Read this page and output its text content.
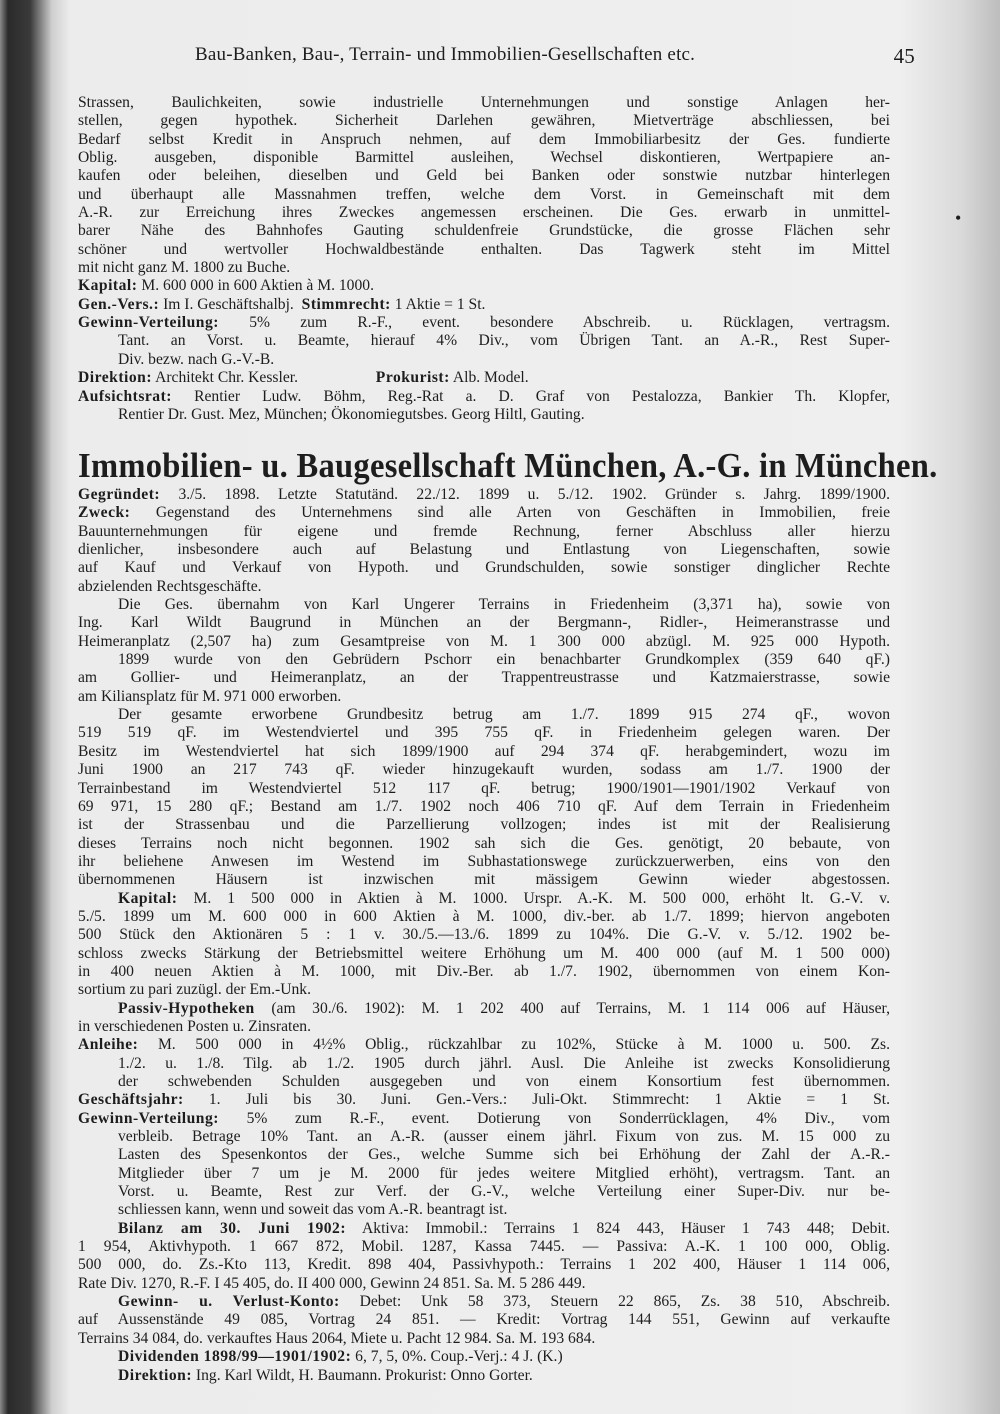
Bau-Banken, Bau-, Terrain- und Immobilien-Gesellschaften etc.	45
Strassen, Baulichkeiten, sowie industrielle Unternehmungen und sonstige Anlagen her-
stellen, gegen hypothek. Sicherheit Darlehen gewähren, Mietverträge abschliessen, bei
Bedarf selbst Kredit in Anspruch nehmen, auf dem Immobiliarbesitz der Ges. fundierte
Oblig. ausgeben, disponible Barmittel ausleihen, Wechsel diskontieren, Wertpapiere an-
kaufen oder beleihen, dieselben und Geld bei Banken oder sonstwie nutzbar hinterlegen
und überhaupt alle Massnahmen treffen, welche dem Vorst. in Gemeinschaft mit dem
A.-R. zur Erreichung ihres Zweckes angemessen erscheinen. Die Ges. erwarb in unmittel-
barer Nähe des Bahnhofes Gauting schuldenfreie Grundstücke, die grosse Flächen sehr
schöner und wertvoller Hochwaldbestände enthalten. Das Tagwerk steht im Mittel
mit nicht ganz M. 1800 zu Buche.
Kapital: M. 600 000 in 600 Aktien à M. 1000.
Gen.-Vers.: Im I. Geschäftshalbj. Stimmrecht: 1 Aktie = 1 St.
Gewinn-Verteilung: 5% zum R.-F., event. besondere Abschreib. u. Rücklagen, vertragsm.
Tant. an Vorst. u. Beamte, hierauf 4% Div., vom Übrigen Tant. an A.-R., Rest Super-
Div. bezw. nach G.-V.-B.
Direktion: Architekt Chr. Kessler.	Prokurist: Alb. Model.
Aufsichtsrat: Rentier Ludw. Böhm, Reg.-Rat a. D. Graf von Pestalozza, Bankier Th. Klopfer,
Rentier Dr. Gust. Mez, München; Ökonomiegutsbes. Georg Hiltl, Gauting.
Immobilien- u. Baugesellschaft München, A.-G. in München.
Gegründet: 3./5. 1898. Letzte Statutänd. 22./12. 1899 u. 5./12. 1902. Gründer s. Jahrg. 1899/1900.
Zweck: Gegenstand des Unternehmens sind alle Arten von Geschäften in Immobilien, freie
Bauunternehmungen für eigene und fremde Rechnung, ferner Abschluss aller hierzu
dienlicher, insbesondere auch auf Belastung und Entlastung von Liegenschaften, sowie
auf Kauf und Verkauf von Hypoth. und Grundschulden, sowie sonstiger dinglicher Rechte
abzielenden Rechtsgeschäfte.
Die Ges. übernahm von Karl Ungerer Terrains in Friedenheim (3,371 ha), sowie von
Ing. Karl Wildt Baugrund in München an der Bergmann-, Ridler-, Heimeranstrasse und
Heimeranplatz (2,507 ha) zum Gesamtpreise von M. 1 300 000 abzügl. M. 925 000 Hypoth.
1899 wurde von den Gebrüdern Pschorr ein benachbarter Grundkomplex (359 640 qF.)
am Gollier- und Heimeranplatz, an der Trappentreustrasse und Katzmaierstrasse, sowie
am Kiliansplatz für M. 971 000 erworben.
Der gesamte erworbene Grundbesitz betrug am 1./7. 1899 915 274 qF., wovon
519 519 qF. im Westendviertel und 395 755 qF. in Friedenheim gelegen waren. Der
Besitz im Westendviertel hat sich 1899/1900 auf 294 374 qF. herabgemindert, wozu im
Juni 1900 an 217 743 qF. wieder hinzugekauft wurden, sodass am 1./7. 1900 der
Terrainbestand im Westendviertel 512 117 qF. betrug; 1900/1901—1901/1902 Verkauf von
69 971, 15 280 qF.; Bestand am 1./7. 1902 noch 406 710 qF. Auf dem Terrain in Friedenheim
ist der Strassenbau und die Parzellierung vollzogen; indes ist mit der Realisierung
dieses Terrains noch nicht begonnen. 1902 sah sich die Ges. genötigt, 20 bebaute, von
ihr beliehene Anwesen im Westend im Subhastationswege zurückzuerwerben, eins von den
übernommenen Häusern ist inzwischen mit mässigem Gewinn wieder abgestossen.
Kapital: M. 1 500 000 in Aktien à M. 1000. Urspr. A.-K. M. 500 000, erhöht lt. G.-V. v.
5./5. 1899 um M. 600 000 in 600 Aktien à M. 1000, div.-ber. ab 1./7. 1899; hiervon angeboten
500 Stück den Aktionären 5 : 1 v. 30./5.—13./6. 1899 zu 104%. Die G.-V. v. 5./12. 1902 be-
schloss zwecks Stärkung der Betriebsmittel weitere Erhöhung um M. 400 000 (auf M. 1 500 000)
in 400 neuen Aktien à M. 1000, mit Div.-Ber. ab 1./7. 1902, übernommen von einem Kon-
sortium zu pari zuzügl. der Em.-Unk.
Passiv-Hypotheken (am 30./6. 1902): M. 1 202 400 auf Terrains, M. 1 114 006 auf Häuser,
in verschiedenen Posten u. Zinsraten.
Anleihe: M. 500 000 in 4½% Oblig., rückzahlbar zu 102%, Stücke à M. 1000 u. 500. Zs.
1./2. u. 1./8. Tilg. ab 1./2. 1905 durch jährl. Ausl. Die Anleihe ist zwecks Konsolidierung
der schwebenden Schulden ausgegeben und von einem Konsortium fest übernommen.
Geschäftsjahr: 1. Juli bis 30. Juni. Gen.-Vers.: Juli-Okt. Stimmrecht: 1 Aktie = 1 St.
Gewinn-Verteilung: 5% zum R.-F., event. Dotierung von Sonderrücklagen, 4% Div., vom
verbleib. Betrage 10% Tant. an A.-R. (ausser einem jährl. Fixum von zus. M. 15 000 zu
Lasten des Spesenkontos der Ges., welche Summe sich bei Erhöhung der Zahl der A.-R.-
Mitglieder über 7 um je M. 2000 für jedes weitere Mitglied erhöht), vertragsm. Tant. an
Vorst. u. Beamte, Rest zur Verf. der G.-V., welche Verteilung einer Super-Div. nur be-
schliessen kann, wenn und soweit das vom A.-R. beantragt ist.
Bilanz am 30. Juni 1902: Aktiva: Immobil.: Terrains 1 824 443, Häuser 1 743 448; Debit.
1 954, Aktivhypoth. 1 667 872, Mobil. 1287, Kassa 7445. — Passiva: A.-K. 1 100 000, Oblig.
500 000, do. Zs.-Kto 113, Kredit. 898 404, Passivhypoth.: Terrains 1 202 400, Häuser 1 114 006,
Rate Div. 1270, R.-F. I 45 405, do. II 400 000, Gewinn 24 851. Sa. M. 5 286 449.
Gewinn- u. Verlust-Konto: Debet: Unk 58 373, Steuern 22 865, Zs. 38 510, Abschreib.
auf Aussenstände 49 085, Vortrag 24 851. — Kredit: Vortrag 144 551, Gewinn auf verkaufte
Terrains 34 084, do. verkauftes Haus 2064, Miete u. Pacht 12 984. Sa. M. 193 684.
Dividenden 1898/99—1901/1902: 6, 7, 5, 0%. Coup.-Verj.: 4 J. (K.)
Direktion: Ing. Karl Wildt, H. Baumann. Prokurist: Onno Gorter.
•
